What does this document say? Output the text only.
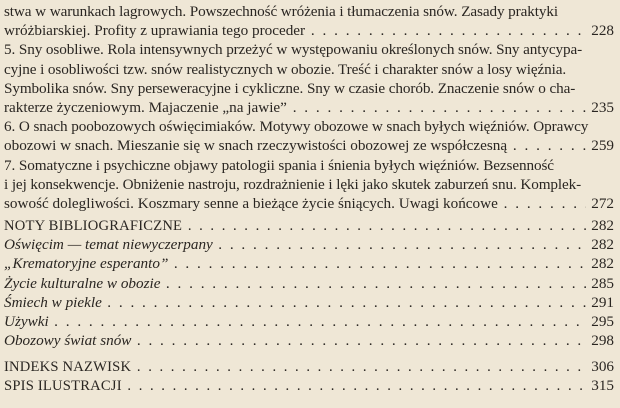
stwa w warunkach lagrowych. Powszechność wróżenia i tłumaczenia snów. Zasady praktyki
wróżbiarskiej. Profity z uprawiania tego proceder . . .	228
5. Sny osobliwe. Rola intensywnych przeżyć w występowaniu określonych snów. Sny antycypa-
cyjne i osobliwości tzw. snów realistycznych w obozie. Treść i charakter snów a losy więźnia.
Symbolika snów. Sny perseweracyjne i cykliczne. Sny w czasie chorób. Znaczenie snów o cha-
rakterze życzeniowym. Majaczenie „na jawie” . . .	235
6. O snach poobozowych oświęcimiaków. Motywy obozowe w snach byłych więźniów. Oprawcy
obozowi w snach. Mieszanie się w snach rzeczywistości obozowej ze współczesną . . .	259
7. Somatyczne i psychiczne objawy patologii spania i śnienia byłych więźniów. Bezsenność
i jej konsekwencje. Obniżenie nastroju, rozdrażnienie i lęki jako skutek zaburzeń snu. Komplek-
sowość dolegliwości. Koszmary senne a bieżące życie śniących. Uwagi końcowe . . .	272
NOTY BIBLIOGRAFICZNE . . .	282
Oświęcim — temat niewyczerpany . . .	282
„Krematoryjne esperanto” . . .	282
Życie kulturalne w obozie . . .	285
Śmiech w piekle . . .	291
Używki . . .	295
Obozowy świat snów . . .	298
INDEKS NAZWISK . . .	306
SPIS ILUSTRACJI . . .	315
